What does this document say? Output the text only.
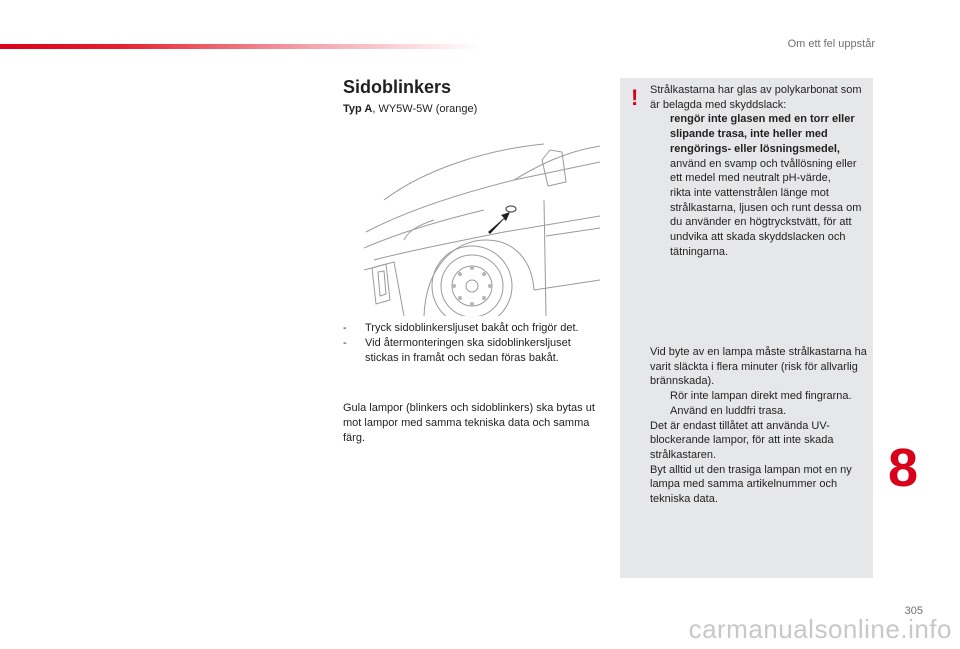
Om ett fel uppstår
Sidoblinkers
Typ A, WY5W-5W (orange)
- Tryck sidoblinkersljuset bakåt och frigör det.
- Vid återmonteringen ska sidoblinkersljuset stickas in framåt och sedan föras bakåt.

Gula lampor (blinkers och sidoblinkers) ska bytas ut mot lampor med samma tekniska data och samma färg.

! Strålkastarna har glas av polykarbonat som är belagda med skyddslack:

rengör inte glasen med en torr eller slipande trasa, inte heller med rengörings- eller lösningsmedel,
använd en svamp och tvållösning eller ett medel med neutralt pH-värde,
rikta inte vattenstrålen länge mot strålkastarna, ljusen och runt dessa om du använder en högtryckstvätt, för att undvika att skada skyddslacken och tätningarna.

Vid byte av en lampa måste strålkastarna ha varit släckta i flera minuter (risk för allvarlig brännskada).

Rör inte lampan direkt med fingrarna. Använd en luddfri trasa.

Det är endast tillåtet att använda UV-blockerande lampor, för att inte skada strålkastaren.

Byt alltid ut den trasiga lampan mot en ny lampa med samma artikelnummer och tekniska data.

8
305
carmanualsonline.info
